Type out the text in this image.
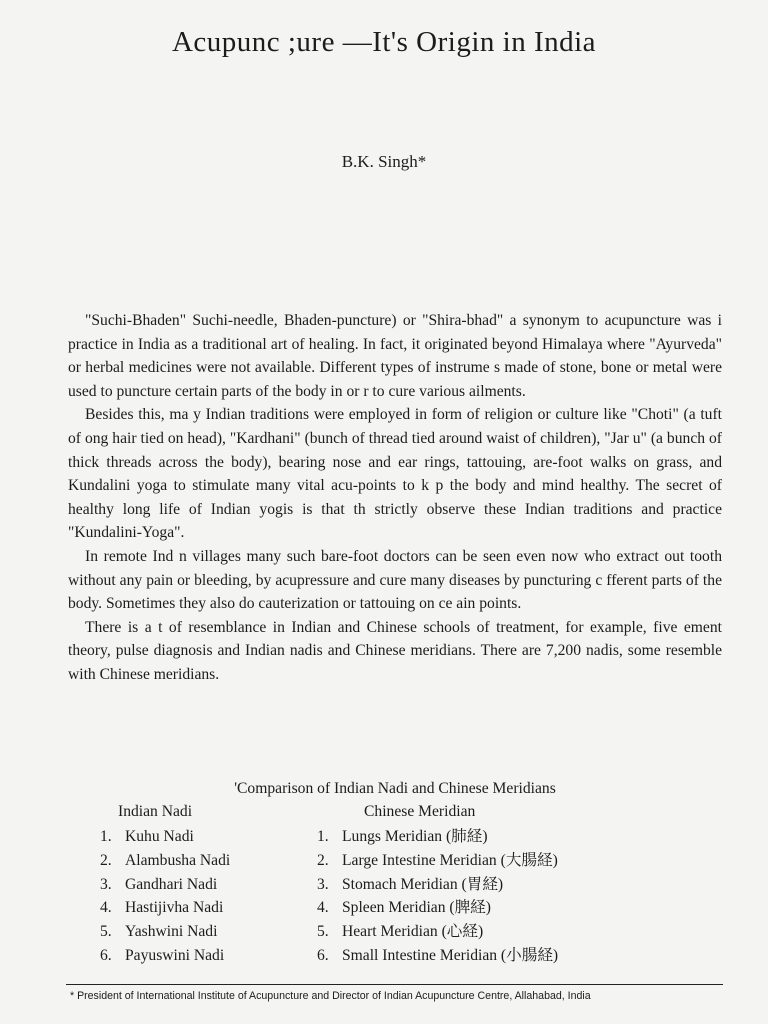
Acupunc ;ure —It's Origin in India
B.K. Singh*

"Suchi-Bhaden" Suchi-needle, Bhaden-puncture) or "Shira-bhad" a synonym to acupuncture was i practice in India as a traditional art of healing. In fact, it originated beyond Himalaya where "Ayurveda" or herbal medicines were not available. Different types of instrume s made of stone, bone or metal were used to puncture certain parts of the body in or r to cure various ailments.

Besides this, ma y Indian traditions were employed in form of religion or culture like "Choti" (a tuft of ong hair tied on head), "Kardhani" (bunch of thread tied around waist of children), "Jar u" (a bunch of thick threads across the body), bearing nose and ear rings, tattouing, are-foot walks on grass, and Kundalini yoga to stimulate many vital acu-points to k p the body and mind healthy. The secret of healthy long life of Indian yogis is that th strictly observe these Indian traditions and practice "Kundalini-Yoga".

In remote Ind n villages many such bare-foot doctors can be seen even now who extract out tooth without any pain or bleeding, by acupressure and cure many diseases by puncturing c fferent parts of the body. Sometimes they also do cauterization or tattouing on ce ain points.

There is a t of resemblance in Indian and Chinese schools of treatment, for example, five ement theory, pulse diagnosis and Indian nadis and Chinese meridians. There are 7,200 nadis, some resemble with Chinese meridians.

'Comparison of Indian Nadi and Chinese Meridians
Indian Nadi	Chinese Meridian
1. Kuhu Nadi
2. Alambusha Nadi
3. Gandhari Nadi
4. Hastijivha Nadi
5. Yashwini Nadi
6. Payuswini Nadi
1. Lungs Meridian (肺経)
2. Large Intestine Meridian (大腸経)
3. Stomach Meridian (胃経)
4. Spleen Meridian (脾経)
5. Heart Meridian (心経)
6. Small Intestine Meridian (小腸経)
* President of International Institute of Acupuncture and Director of Indian Acupuncture Centre, Allahabad, India
